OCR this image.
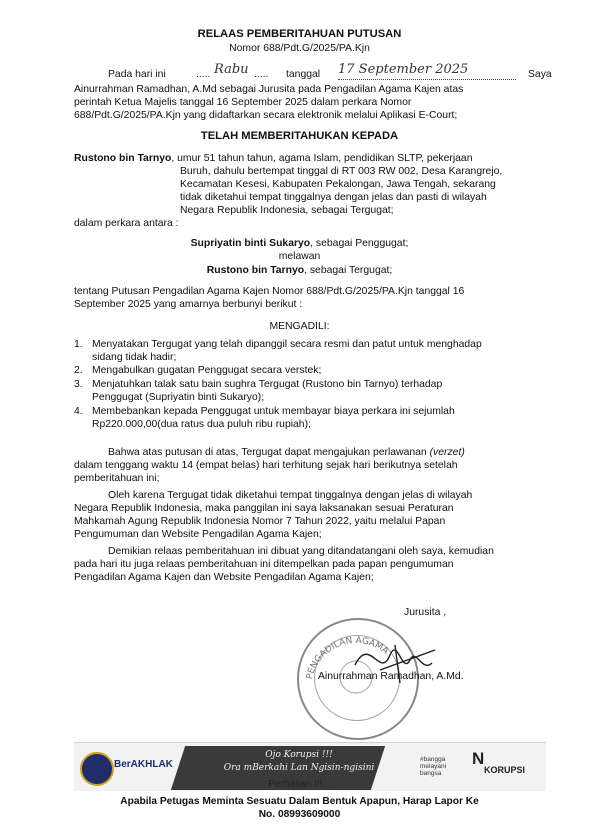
RELAAS PEMBERITAHUAN PUTUSAN
Nomor 688/Pdt.G/2025/PA.Kjn
Pada hari ini	..... Rabu ..... tanggal 17 September 2025	Saya
Ainurrahman Ramadhan, A.Md sebagai Jurusita pada Pengadilan Agama Kajen atas
perintah Ketua Majelis tanggal 16 September 2025 dalam perkara Nomor
688/Pdt.G/2025/PA.Kjn yang didaftarkan secara elektronik melalui Aplikasi E-Court;
TELAH MEMBERITAHUKAN KEPADA
Rustono bin Tarnyo, umur 51 tahun tahun, agama Islam, pendidikan SLTP, pekerjaan
Buruh, dahulu bertempat tinggal di RT 003 RW 002, Desa Karangrejo,
Kecamatan Kesesi, Kabupaten Pekalongan, Jawa Tengah, sekarang
tidak diketahui tempat tinggalnya dengan jelas dan pasti di wilayah
Negara Republik Indonesia, sebagai Tergugat;
dalam perkara antara :
Supriyatin binti Sukaryo, sebagai Penggugat;
melawan
Rustono bin Tarnyo, sebagai Tergugat;
tentang Putusan Pengadilan Agama Kajen Nomor 688/Pdt.G/2025/PA.Kjn tanggal 16
September 2025 yang amarnya berbunyi berikut :
MENGADILI:
1. Menyatakan Tergugat yang telah dipanggil secara resmi dan patut untuk menghadap
sidang tidak hadir;
2. Mengabulkan gugatan Penggugat secara verstek;
3. Menjatuhkan talak satu bain sughra Tergugat (Rustono bin Tarnyo) terhadap
Penggugat (Supriyatin binti Sukaryo);
4. Membebankan kepada Penggugat untuk membayar biaya perkara ini sejumlah
Rp220.000,00(dua ratus dua puluh ribu rupiah);
Bahwa atas putusan di atas, Tergugat dapat mengajukan perlawanan (verzet)
dalam tenggang waktu 14 (empat belas) hari terhitung sejak hari berikutnya setelah
pemberitahuan ini;
Oleh karena Tergugat tidak diketahui tempat tinggalnya dengan jelas di wilayah
Negara Republik Indonesia, maka panggilan ini saya laksanakan sesuai Peraturan
Mahkamah Agung Republik Indonesia Nomor 7 Tahun 2022, yaitu melalui Papan
Pengumuman dan Website Pengadilan Agama Kajen;
Demikian relaas pemberitahuan ini dibuat yang ditandatangani oleh saya, kemudian
pada hari itu juga relaas pemberitahuan ini ditempelkan pada papan pengumuman
Pengadilan Agama Kajen dan Website Pengadilan Agama Kajen;
Jurusita ,
PENGADILAN AGAMA
Ainurrahman Ramadhan, A.Md.
BerAKHLAK
Ojo Korupsi !!!
Ora mBerkahi Lan Ngisin-ngisini
#bangga melayani bangsa
N
KORUPSI
Perhatian !!!...
Apabila Petugas Meminta Sesuatu Dalam Bentuk Apapun, Harap Lapor Ke
No. 08993609000
